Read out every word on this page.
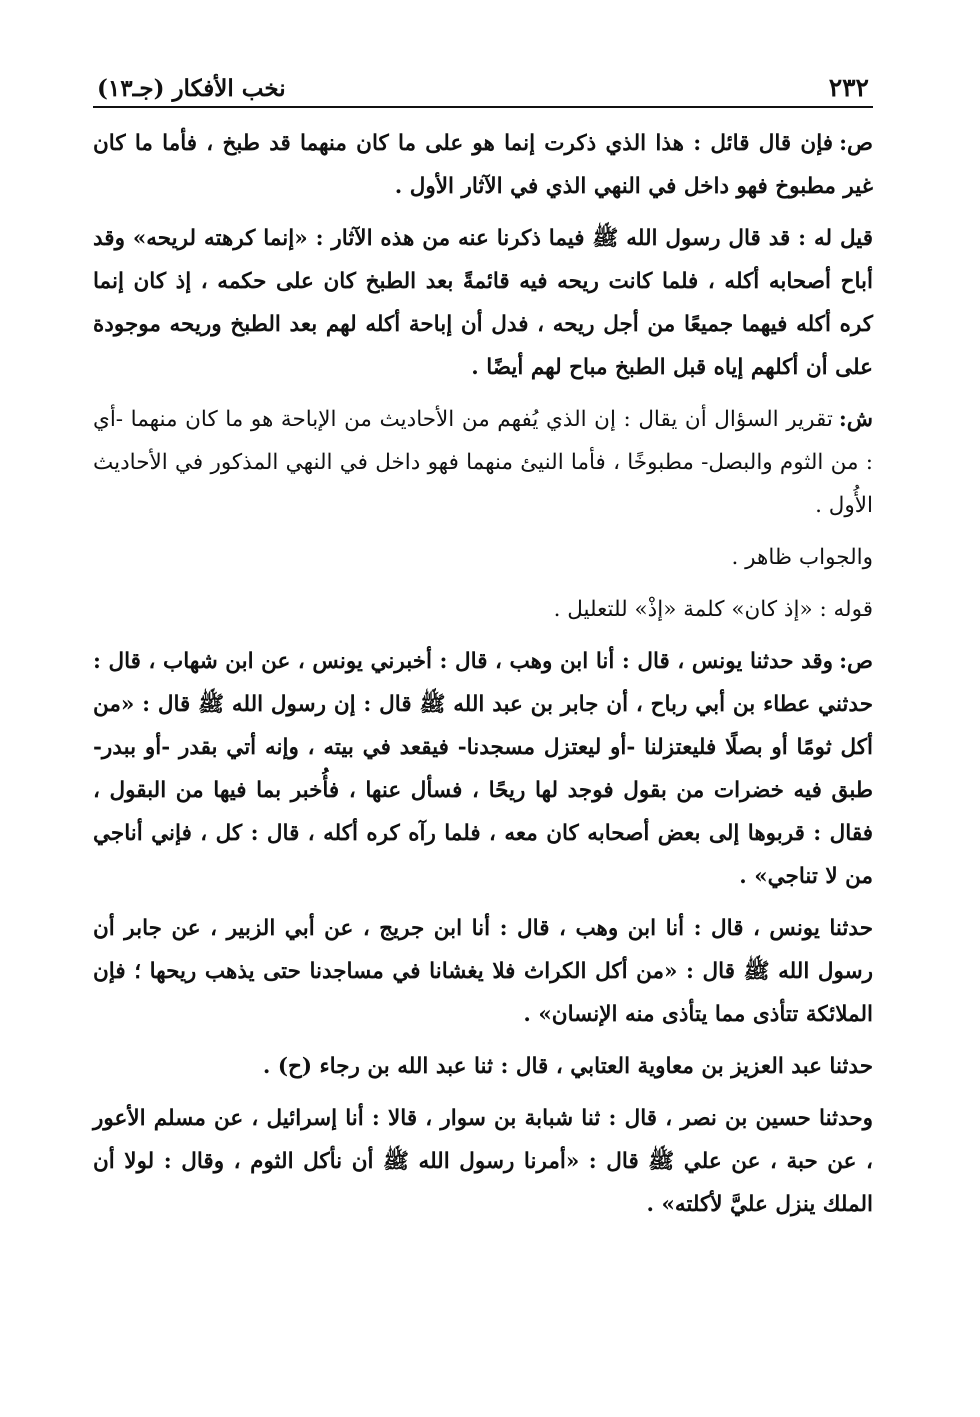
٢٣٢
نخب الأفكار (جـ١٣)

ص:فإن قال قائل : هذا الذي ذكرت إنما هو على ما كان منهما قد طبخ ، فأما ما كان غير مطبوخ فهو داخل في النهي الذي في الآثار الأول .

قيل له : قد قال رسول الله ﷺ فيما ذكرنا عنه من هذه الآثار : «إنما كرهته لريحه» وقد أباح أصحابه أكله ، فلما كانت ريحه فيه قائمةً بعد الطبخ كان على حكمه ، إذ كان إنما كره أكله فيهما جميعًا من أجل ريحه ، فدل أن إباحة أكله لهم بعد الطبخ وريحه موجودة على أن أكلهم إياه قبل الطبخ مباح لهم أيضًا .

ش:تقرير السؤال أن يقال : إن الذي يُفهم من الأحاديث من الإباحة هو ما كان منهما -أي : من الثوم والبصل- مطبوخًا ، فأما النيئ منهما فهو داخل في النهي المذكور في الأحاديث الأُول .

والجواب ظاهر .

قوله : «إذ كان» كلمة «إذْ» للتعليل .

ص:وقد حدثنا يونس ، قال : أنا ابن وهب ، قال : أخبرني يونس ، عن ابن شهاب ، قال : حدثني عطاء بن أبي رباح ، أن جابر بن عبد الله ﷺ قال : إن رسول الله ﷺ قال : «من أكل ثومًا أو بصلًا فليعتزلنا -أو ليعتزل مسجدنا- فيقعد في بيته ، وإنه أتي بقدر -أو ببدر- طبق فيه خضرات من بقول فوجد لها ريحًا ، فسأل عنها ، فأُخبر بما فيها من البقول ، فقال : قربوها إلى بعض أصحابه كان معه ، فلما رآه كره أكله ، قال : كل ، فإني أناجي من لا تناجي» .

حدثنا يونس ، قال : أنا ابن وهب ، قال : أنا ابن جريج ، عن أبي الزبير ، عن جابر أن رسول الله ﷺ قال : «من أكل الكراث فلا يغشانا في مساجدنا حتى يذهب ريحها ؛ فإن الملائكة تتأذى مما يتأذى منه الإنسان» .

حدثنا عبد العزيز بن معاوية العتابي ، قال : ثنا عبد الله بن رجاء (ح) .

وحدثنا حسين بن نصر ، قال : ثنا شبابة بن سوار ، قالا : أنا إسرائيل ، عن مسلم الأعور ، عن حبة ، عن علي ﷺ قال : «أمرنا رسول الله ﷺ أن نأكل الثوم ، وقال : لولا أن الملك ينزل عليَّ لأكلته» .
